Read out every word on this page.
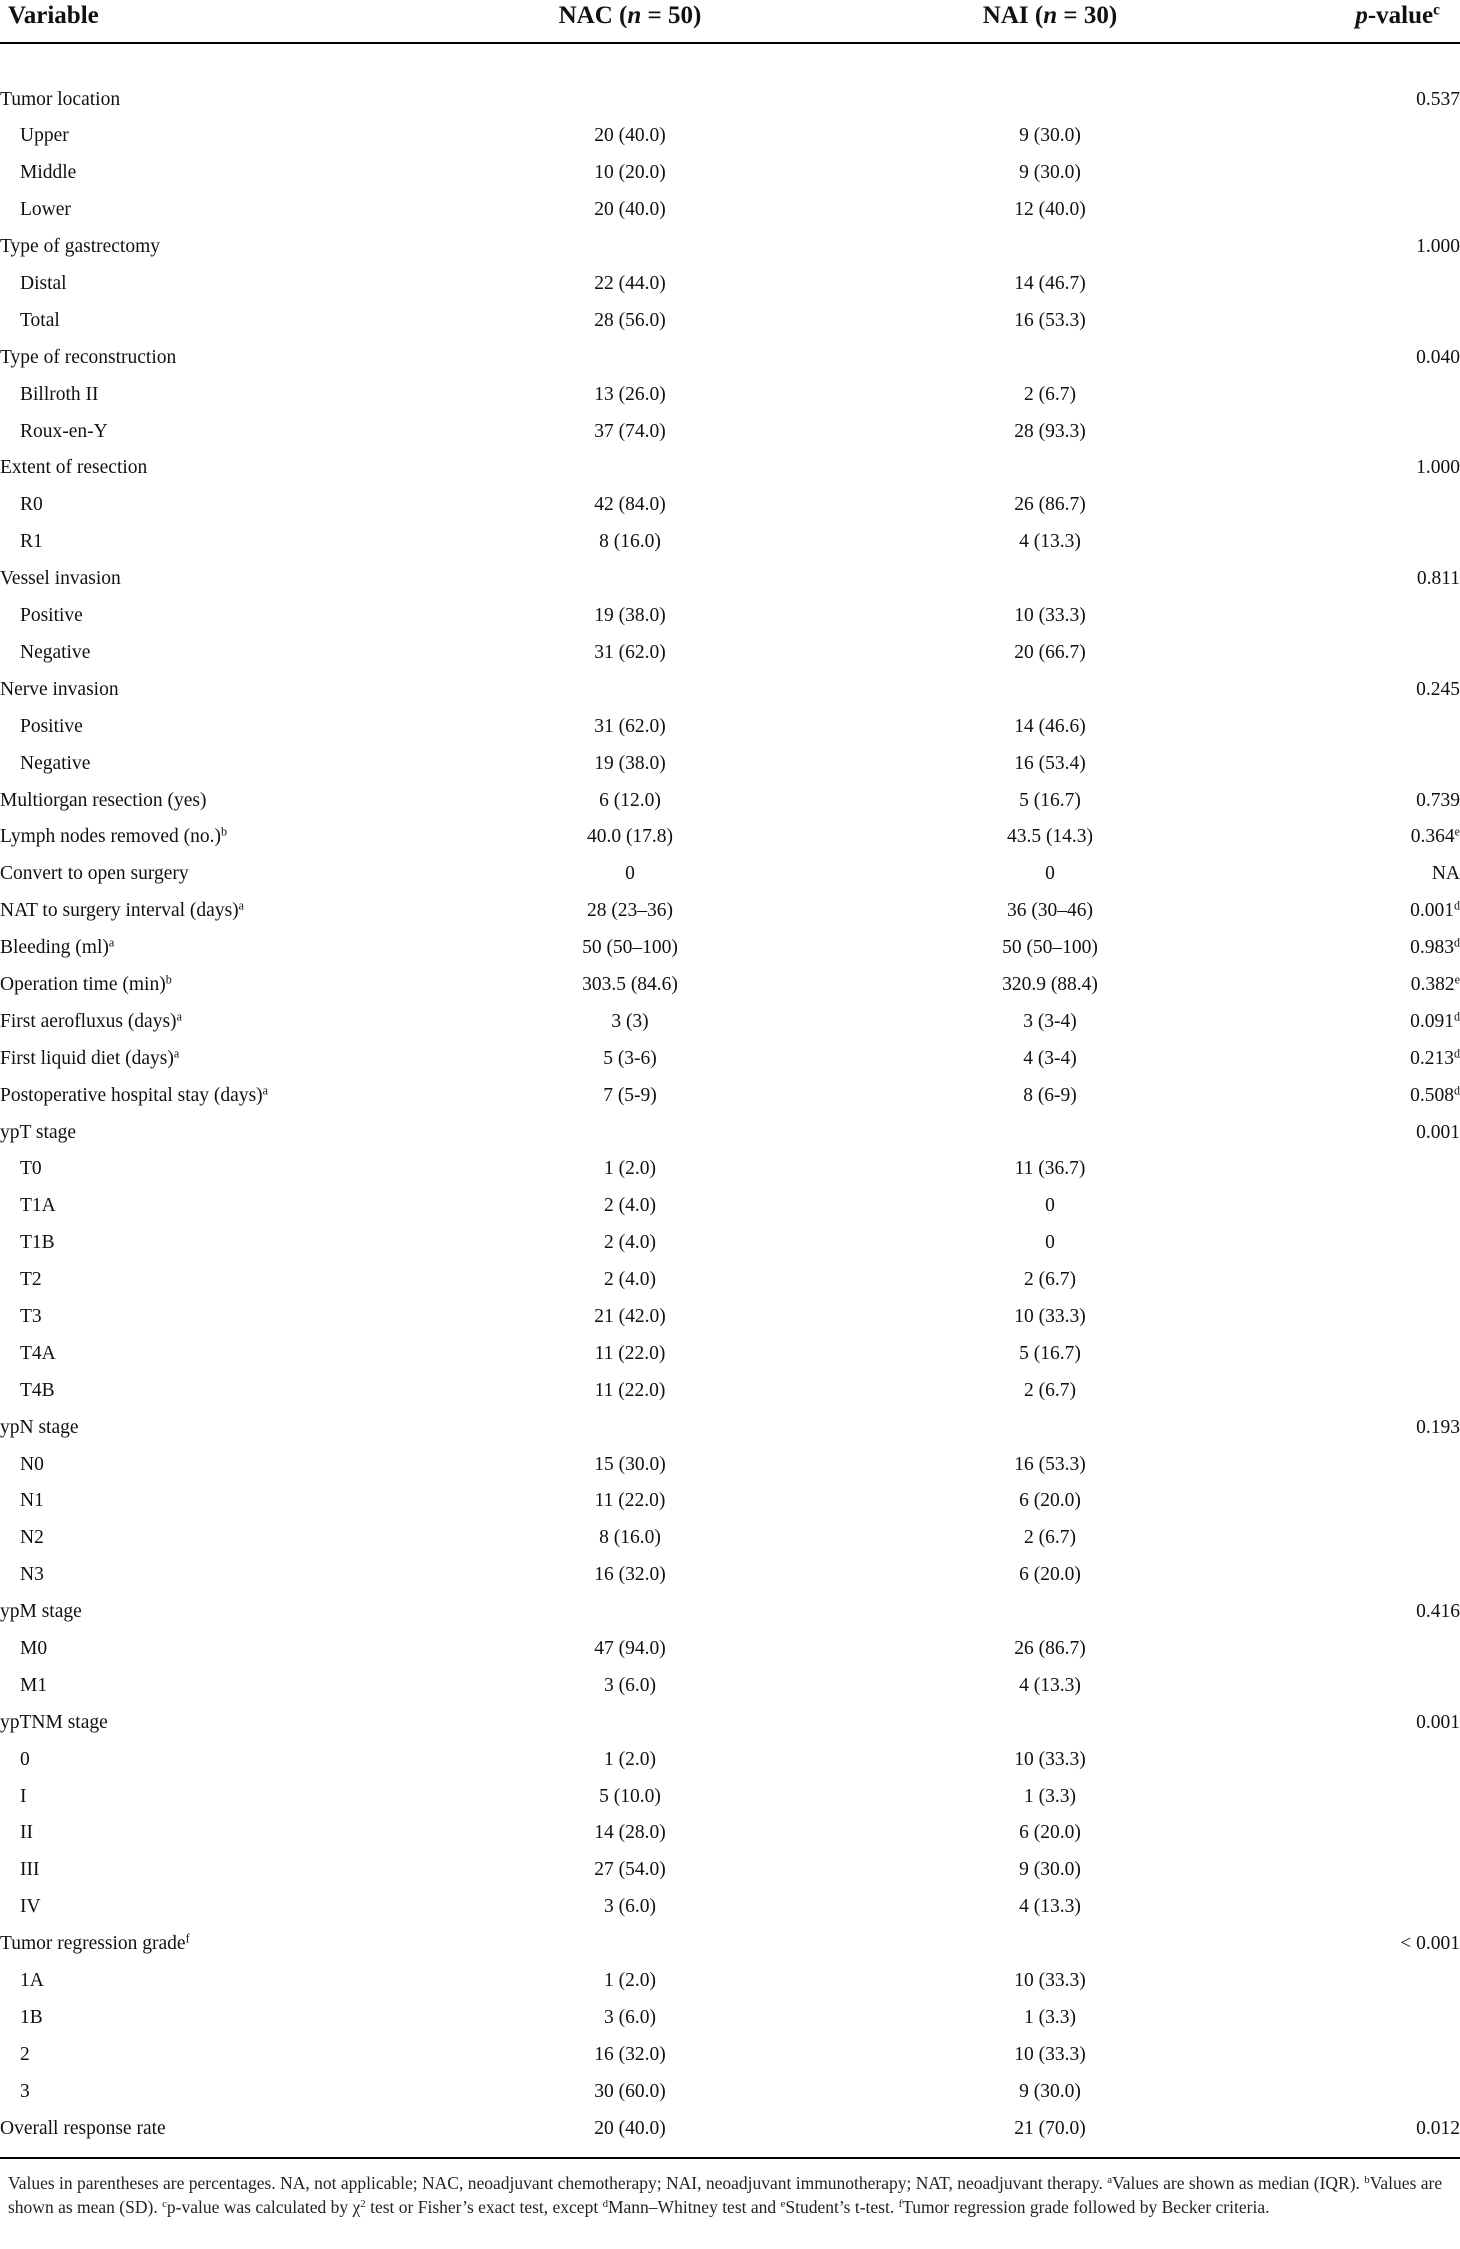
Variable	NAC (n = 50)	NAI (n = 30)	p-value$^c$

Tumor location			0.537
Upper	20 (40.0)	9 (30.0)	
Middle	10 (20.0)	9 (30.0)	
Lower	20 (40.0)	12 (40.0)	
Type of gastrectomy			1.000
Distal	22 (44.0)	14 (46.7)	
Total	28 (56.0)	16 (53.3)	
Type of reconstruction			0.040
Billroth II	13 (26.0)	2 (6.7)	
Roux-en-Y	37 (74.0)	28 (93.3)	
Extent of resection			1.000
R0	42 (84.0)	26 (86.7)	
R1	8 (16.0)	4 (13.3)	
Vessel invasion			0.811
Positive	19 (38.0)	10 (33.3)	
Negative	31 (62.0)	20 (66.7)	
Nerve invasion			0.245
Positive	31 (62.0)	14 (46.6)	
Negative	19 (38.0)	16 (53.4)	
Multiorgan resection (yes)	6 (12.0)	5 (16.7)	0.739
Lymph nodes removed $(no.)^b$	40.0 (17.8)	43.5 (14.3)	0.364e
Convert to open surgery	0	0	NA
NAT to surgery interval (days)$^a$	28 (23–36)	36 (30–46)	0.001$^d$
Bleeding (ml)$^a$	50 (50–100)	50 (50–100)	0.983$^d$
Operation time $(\min)^b$	303.5 (84.6)	320.9 (88.4)	0.382e
First aerofluxus (days)$^a$	3 (3)	3 (3-4)	0.091$^d$
First liquid diet (days)$^a$	5 (3-6)	4 (3-4)	0.213$^d$
Postoperative hospital stay (days)$^a$	7 (5-9)	8 (6-9)	0.508$^d$
ypT stage			0.001
T0	1 (2.0)	11 (36.7)	
T1A	2 (4.0)	0	
T1B	2 (4.0)	0	
T2	2 (4.0)	2 (6.7)	
T3	21 (42.0)	10 (33.3)	
T4A	11 (22.0)	5 (16.7)	
T4B	11 (22.0)	2 (6.7)	
ypN stage			0.193
N0	15 (30.0)	16 (53.3)	
N1	11 (22.0)	6 (20.0)	
N2	8 (16.0)	2 (6.7)	
N3	16 (32.0)	6 (20.0)	
ypM stage			0.416
M0	47 (94.0)	26 (86.7)	
M1	3 (6.0)	4 (13.3)	
ypTNM stage			0.001
0	1 (2.0)	10 (33.3)	
I	5 (10.0)	1 (3.3)	
II	14 (28.0)	6 (20.0)	
III	27 (54.0)	9 (30.0)	
IV	3 (6.0)	4 (13.3)	
Tumor regression grade$^f$			< 0.001
1A	1 (2.0)	10 (33.3)	
1B	3 (6.0)	1 (3.3)	
2	16 (32.0)	10 (33.3)	
3	30 (60.0)	9 (30.0)	
Overall response rate	20 (40.0)	21 (70.0)	0.012
Values in parentheses are percentages. NA, not applicable; NAC, neoadjuvant chemotherapy; NAI, neoadjuvant immunotherapy; NAT, neoadjuvant therapy. $^a$Values are shown as median (IQR). $^b$Values are shown as mean (SD). $^c$p-value was calculated by $\chi^2$ test or Fisher’s exact test, except $^d$Mann–Whitney test and $^e$Student’s t-test. $^f$Tumor regression grade followed by Becker criteria.
